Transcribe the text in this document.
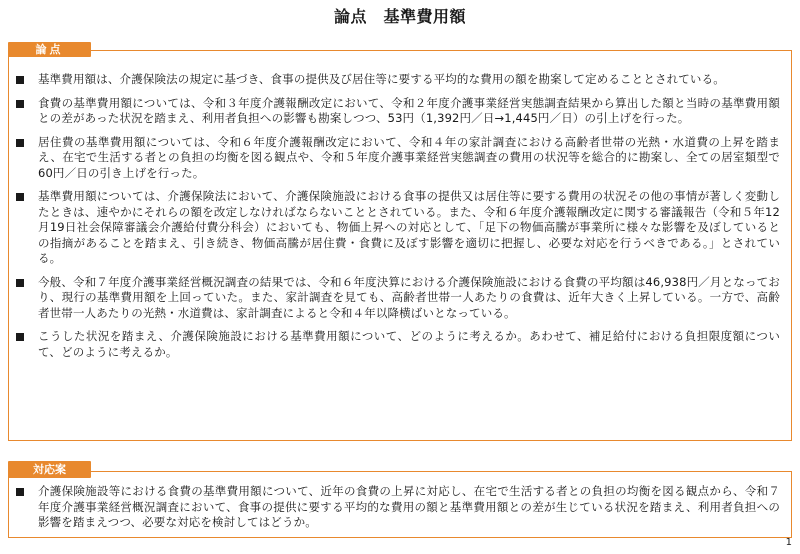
論点　基準費用額
論点
基準費用額は、介護保険法の規定に基づき、食事の提供及び居住等に要する平均的な費用の額を勘案して定めることとされている。
食費の基準費用額については、令和３年度介護報酬改定において、令和２年度介護事業経営実態調査結果から算出した額と当時の基準費用額との差があった状況を踏まえ、利用者負担への影響も勘案しつつ、53円（1,392円／日→1,445円／日）の引上げを行った。
居住費の基準費用額については、令和６年度介護報酬改定において、令和４年の家計調査における高齢者世帯の光熱・水道費の上昇を踏まえ、在宅で生活する者との負担の均衡を図る観点や、令和５年度介護事業経営実態調査の費用の状況等を総合的に勘案し、全ての居室類型で60円／日の引き上げを行った。
基準費用額については、介護保険法において、介護保険施設における食事の提供又は居住等に要する費用の状況その他の事情が著しく変動したときは、速やかにそれらの額を改定しなければならないこととされている。また、令和６年度介護報酬改定に関する審議報告（令和５年12月19日社会保障審議会介護給付費分科会）においても、物価上昇への対応として、「足下の物価高騰が事業所に様々な影響を及ぼしているとの指摘があることを踏まえ、引き続き、物価高騰が居住費・食費に及ぼす影響を適切に把握し、必要な対応を行うべきである。」とされている。
今般、令和７年度介護事業経営概況調査の結果では、令和６年度決算における介護保険施設における食費の平均額は46,938円／月となっており、現行の基準費用額を上回っていた。また、家計調査を見ても、高齢者世帯一人あたりの食費は、近年大きく上昇している。一方で、高齢者世帯一人あたりの光熱・水道費は、家計調査によると令和４年以降横ばいとなっている。
こうした状況を踏まえ、介護保険施設における基準費用額について、どのように考えるか。あわせて、補足給付における負担限度額について、どのように考えるか。
対応案
介護保険施設等における食費の基準費用額について、近年の食費の上昇に対応し、在宅で生活する者との負担の均衡を図る観点から、令和７年度介護事業経営概況調査において、食事の提供に要する平均的な費用の額と基準費用額との差が生じている状況を踏まえ、利用者負担への影響を踏まえつつ、必要な対応を検討してはどうか。
1
